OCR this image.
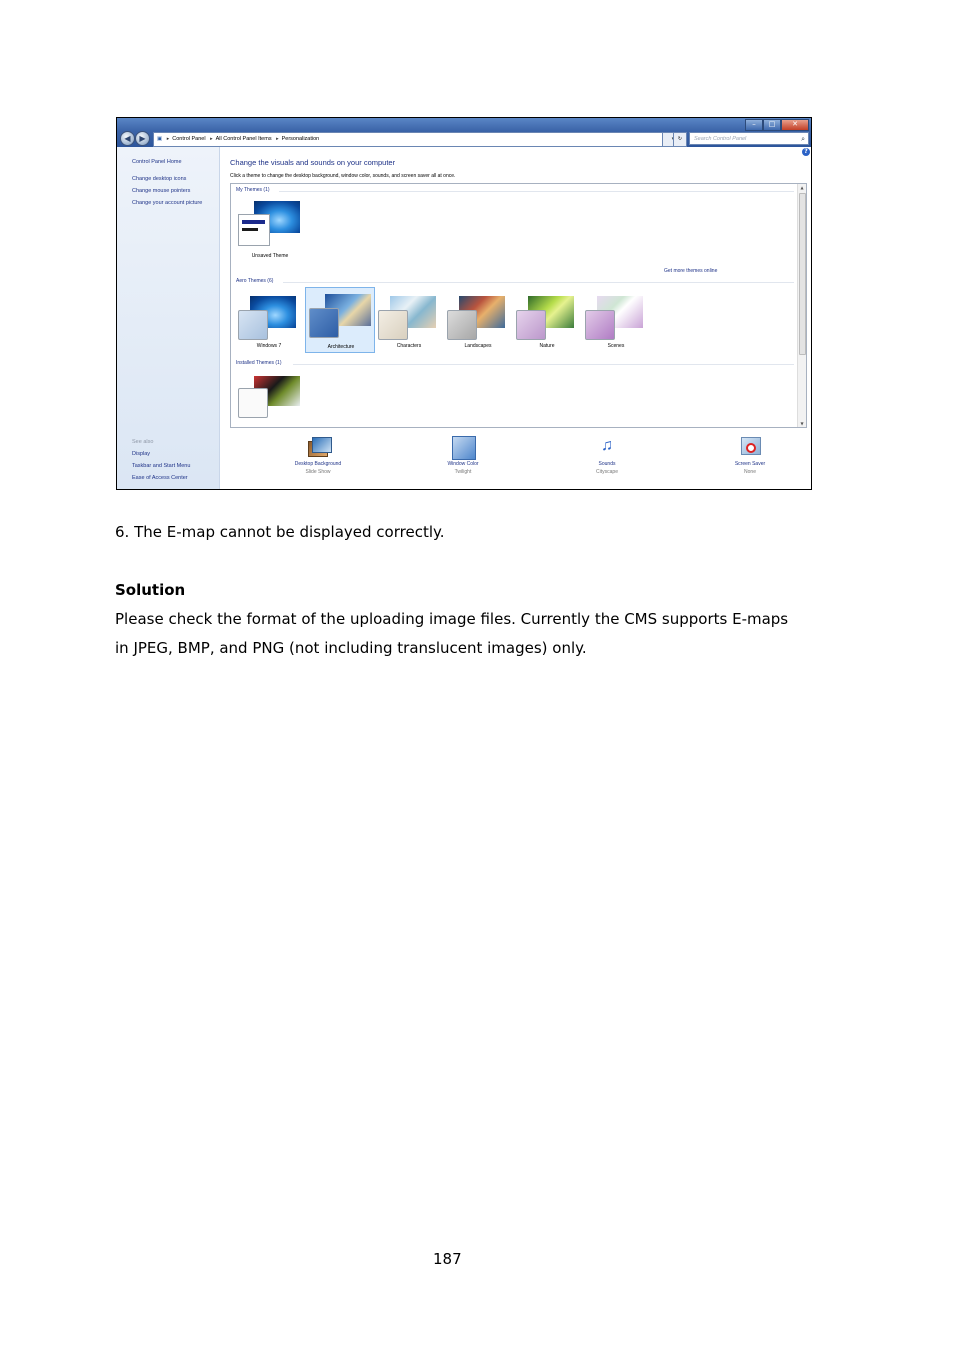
◀	▶	▣ ▸ Control Panel ▸ All Control Panel Items ▸ Personalization	↻	Search Control Panel	⌕
–	□	✕
Control Panel Home
Change desktop icons
Change mouse pointers
Change your account picture
See also
Display
Taskbar and Start Menu
Ease of Access Center
?
Change the visuals and sounds on your computer
Click a theme to change the desktop background, window color, sounds, and screen saver all at once.
My Themes (1)
Unsaved Theme
Get more themes online
Aero Themes (6)
Windows 7	Architecture	Characters	Landscapes	Nature	Scenes
Installed Themes (1)
▲
▼
Desktop Background
Slide Show
Window Color
Twilight
♫
Sounds
Cityscape
Screen Saver
None
6. The E-map cannot be displayed correctly.
Solution
Please check the format of the uploading image files. Currently the CMS supports E-maps
in JPEG, BMP, and PNG (not including translucent images) only.
187
